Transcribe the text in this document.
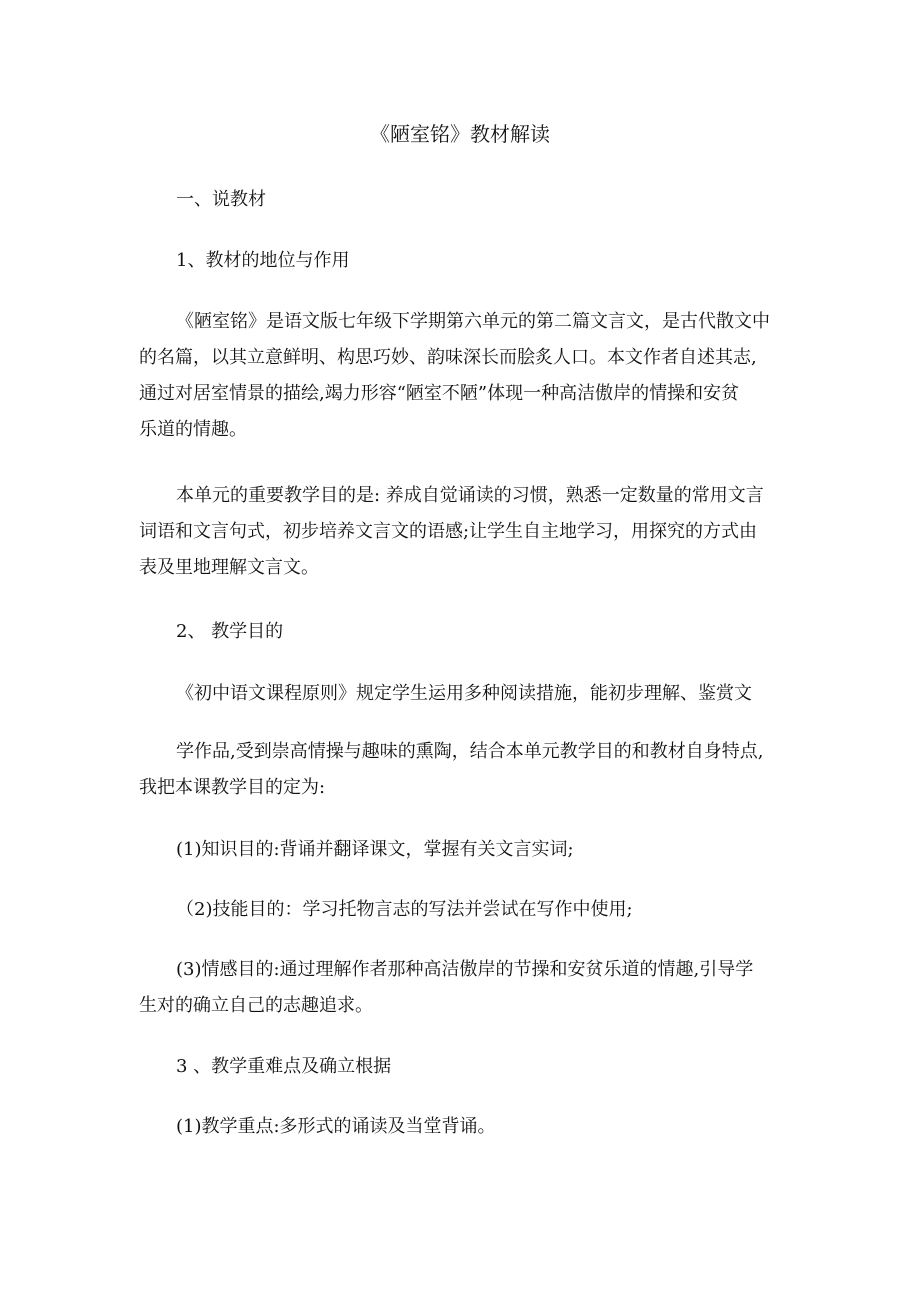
《陋室铭》教材解读
一、说教材
1、教材的地位与作用
《陋室铭》是语文版七年级下学期第六单元的第二篇文言文，是古代散文中
的名篇，以其立意鲜明、构思巧妙、韵味深长而脍炙人口。本文作者自述其志,
通过对居室情景的描绘,竭力形容“陋室不陋”体现一种高洁傲岸的情操和安贫
乐道的情趣。
本单元的重要教学目的是: 养成自觉诵读的习惯，熟悉一定数量的常用文言
词语和文言句式，初步培养文言文的语感;让学生自主地学习，用探究的方式由
表及里地理解文言文。
2、 教学目的
《初中语文课程原则》规定学生运用多种阅读措施，能初步理解、鉴赏文
学作品,受到崇高情操与趣味的熏陶，结合本单元教学目的和教材自身特点,
我把本课教学目的定为:
(1)知识目的:背诵并翻译课文，掌握有关文言实词;
（2)技能目的：学习托物言志的写法并尝试在写作中使用;
(3)情感目的:通过理解作者那种高洁傲岸的节操和安贫乐道的情趣,引导学
生对的确立自己的志趣追求。
3 、教学重难点及确立根据
(1)教学重点:多形式的诵读及当堂背诵。
